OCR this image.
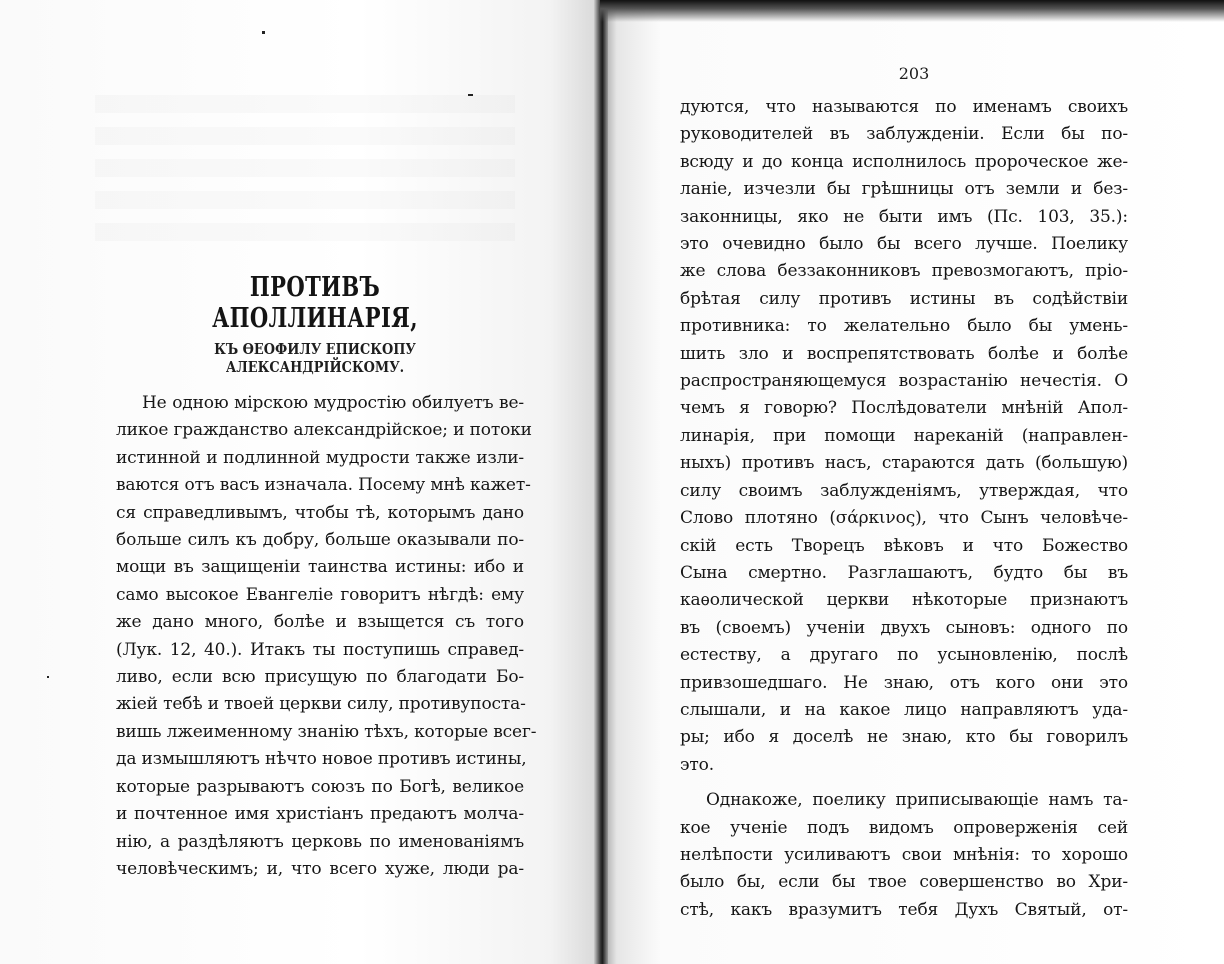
ПРОТИВЪ АПОЛЛИНАРІЯ,
КЪ ѲЕОФИЛУ ЕПИСКОПУ АЛЕКСАНДРІЙСКОМУ.
Не одною мірскою мудростію обилуетъ ве-
ликое гражданство александрійское; и потоки
истинной и подлинной мудрости также изли-
ваются отъ васъ изначала. Посему мнѣ кажет-
ся справедливымъ, чтобы тѣ, которымъ дано
больше силъ къ добру, больше оказывали по-
мощи въ защищеніи таинства истины: ибо и
само высокое Евангеліе говоритъ нѣгдѣ: ему
же дано много, болѣе и взыщется съ того
(Лук. 12, 40.). Итакъ ты поступишь справед-
ливо, если всю присущую по благодати Бо-
жіей тебѣ и твоей церкви силу, противупоста-
вишь лжеименному знанію тѣхъ, которые всег-
да измышляютъ нѣчто новое противъ истины,
которые разрываютъ союзъ по Богѣ, великое
и почтенное имя христіанъ предаютъ молча-
нію, а раздѣляютъ церковь по именованіямъ
человѣческимъ; и, что всего хуже, люди ра-
203
дуются, что называются по именамъ своихъ
руководителей въ заблужденіи. Если бы по-
всюду и до конца исполнилось пророческое же-
ланіе, изчезли бы грѣшницы отъ земли и без-
законницы, яко не быти имъ (Пс. 103, 35.):
это очевидно было бы всего лучше. Поелику
же слова беззаконниковъ превозмогаютъ, пріо-
брѣтая силу противъ истины въ содѣйствіи
противника: то желательно было бы умень-
шить зло и воспрепятствовать болѣе и болѣе
распространяющемуся возрастанію нечестія. О
чемъ я говорю? Послѣдователи мнѣній Апол-
линарія, при помощи нареканій (направлен-
ныхъ) противъ насъ, стараются дать (большую)
силу своимъ заблужденіямъ, утверждая, что
Слово плотяно (σάρκινος), что Сынъ человѣче-
скій есть Творецъ вѣковъ и что Божество
Сына смертно. Разглашаютъ, будто бы въ
каѳолической церкви нѣкоторые признаютъ
въ (своемъ) ученіи двухъ сыновъ: одного по
естеству, а другаго по усыновленію, послѣ
привзошедшаго. Не знаю, отъ кого они это
слышали, и на какое лицо направляютъ уда-
ры; ибо я доселѣ не знаю, кто бы говорилъ
это.
Однакоже, поелику приписывающіе намъ та-
кое ученіе подъ видомъ опроверженія сей
нелѣпости усиливаютъ свои мнѣнія: то хорошо
было бы, если бы твое совершенство во Хри-
стѣ, какъ вразумитъ тебя Духъ Святый, от-
